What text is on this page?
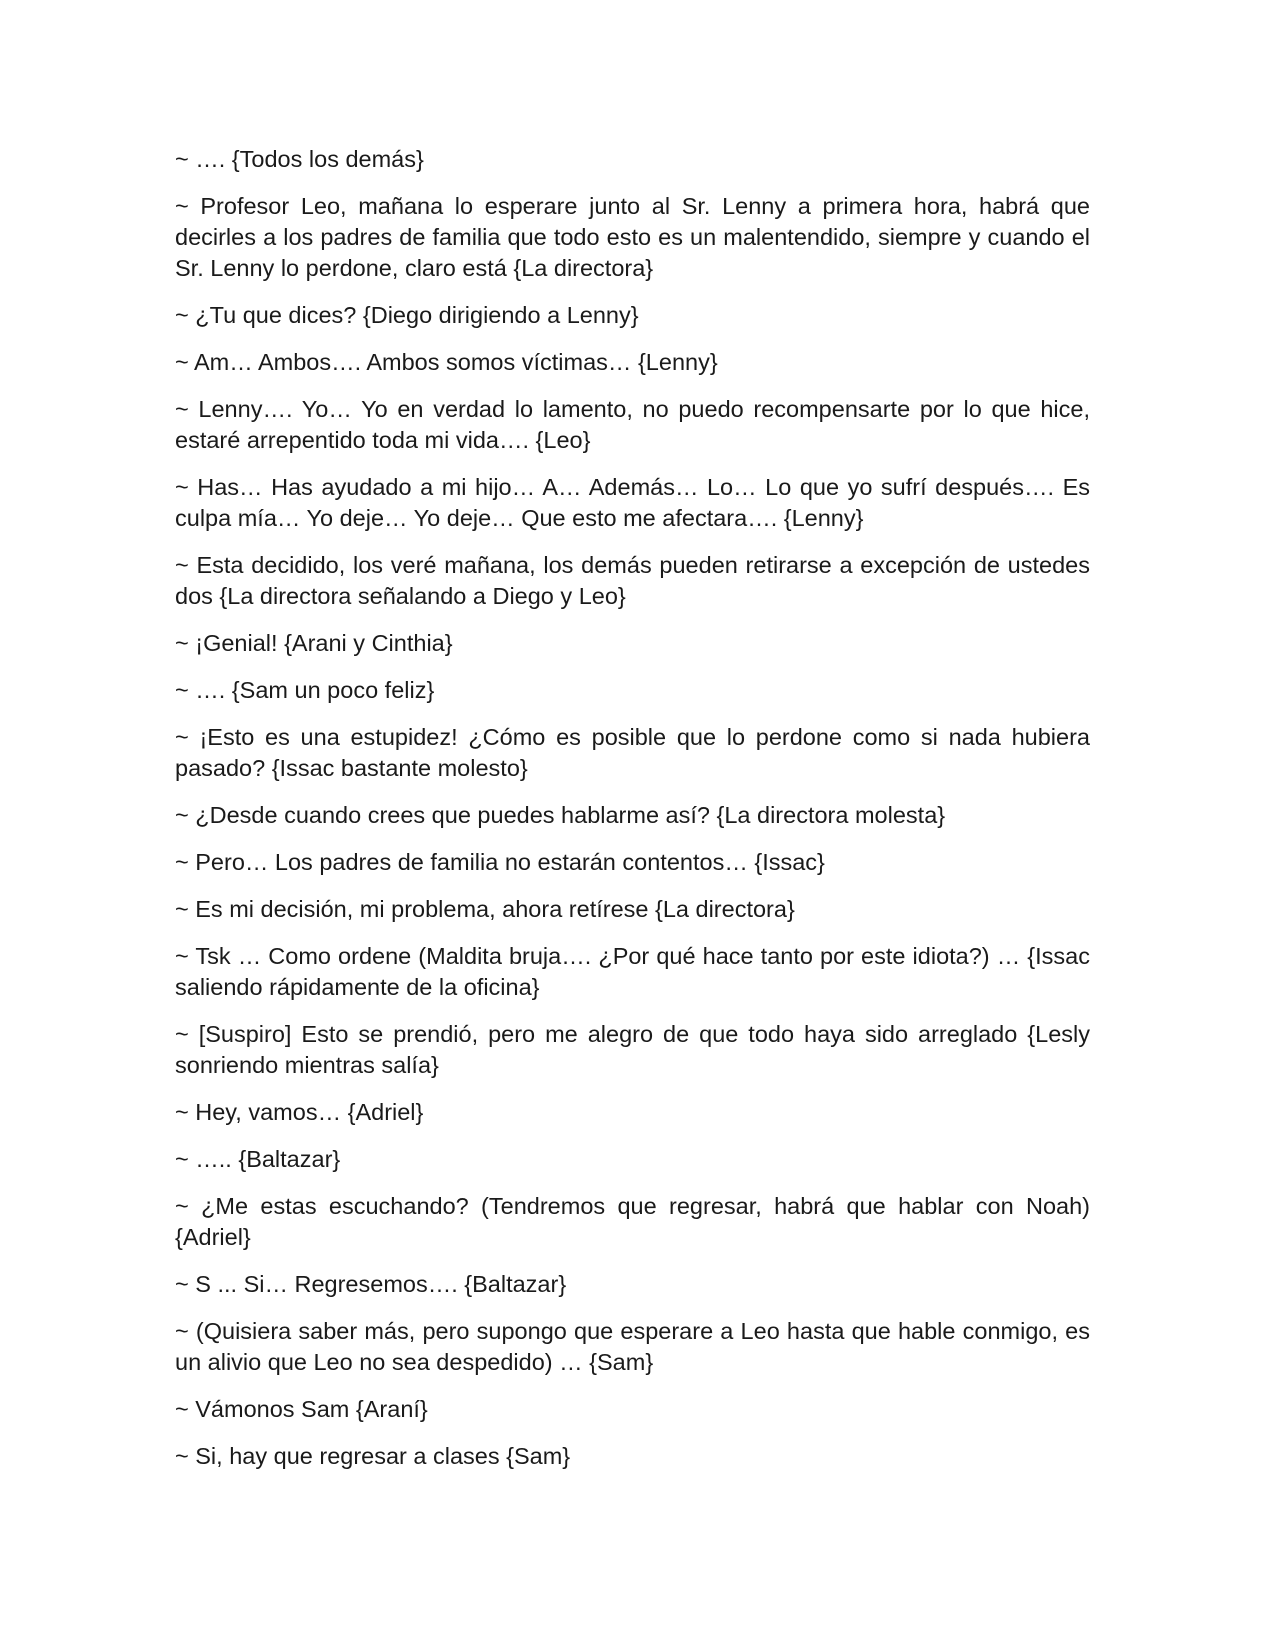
~ …. {Todos los demás}

~ Profesor Leo, mañana lo esperare junto al Sr. Lenny a primera hora, habrá que decirles a los padres de familia que todo esto es un malentendido, siempre y cuando el Sr. Lenny lo perdone, claro está {La directora}

~ ¿Tu que dices? {Diego dirigiendo a Lenny}

~ Am… Ambos…. Ambos somos víctimas… {Lenny}

~ Lenny…. Yo… Yo en verdad lo lamento, no puedo recompensarte por lo que hice, estaré arrepentido toda mi vida…. {Leo}

~ Has… Has ayudado a mi hijo… A… Además… Lo… Lo que yo sufrí después…. Es culpa mía… Yo deje… Yo deje… Que esto me afectara…. {Lenny}

~ Esta decidido, los veré mañana, los demás pueden retirarse a excepción de ustedes dos {La directora señalando a Diego y Leo}

~ ¡Genial! {Arani y Cinthia}

~ …. {Sam un poco feliz}

~ ¡Esto es una estupidez! ¿Cómo es posible que lo perdone como si nada hubiera pasado? {Issac bastante molesto}

~ ¿Desde cuando crees que puedes hablarme así? {La directora molesta}

~ Pero… Los padres de familia no estarán contentos… {Issac}

~ Es mi decisión, mi problema, ahora retírese {La directora}

~ Tsk … Como ordene (Maldita bruja…. ¿Por qué hace tanto por este idiota?) … {Issac saliendo rápidamente de la oficina}

~ [Suspiro] Esto se prendió, pero me alegro de que todo haya sido arreglado {Lesly sonriendo mientras salía}

~ Hey, vamos… {Adriel}

~ ….. {Baltazar}

~ ¿Me estas escuchando? (Tendremos que regresar, habrá que hablar con Noah) {Adriel}

~ S ... Si… Regresemos…. {Baltazar}

~ (Quisiera saber más, pero supongo que esperare a Leo hasta que hable conmigo, es un alivio que Leo no sea despedido) … {Sam}

~ Vámonos Sam {Araní}

~ Si, hay que regresar a clases {Sam}
